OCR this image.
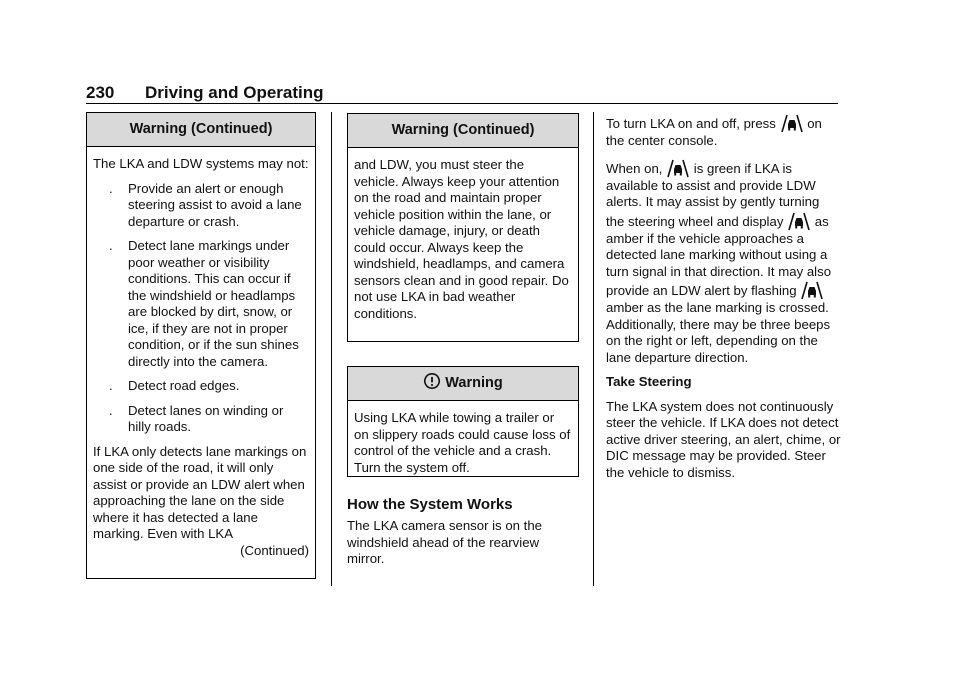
230 Driving and Operating
Warning (Continued)

The LKA and LDW systems may not:

. Provide an alert or enough steering assist to avoid a lane departure or crash.
. Detect lane markings under poor weather or visibility conditions. This can occur if the windshield or headlamps are blocked by dirt, snow, or ice, if they are not in proper condition, or if the sun shines directly into the camera.
. Detect road edges.
. Detect lanes on winding or hilly roads.

If LKA only detects lane markings on one side of the road, it will only assist or provide an LDW alert when approaching the lane on the side where it has detected a lane marking. Even with LKA

(Continued)
Warning (Continued)

and LDW, you must steer the vehicle. Always keep your attention on the road and maintain proper vehicle position within the lane, or vehicle damage, injury, or death could occur. Always keep the windshield, headlamps, and camera sensors clean and in good repair. Do not use LKA in bad weather conditions.

Warning

Using LKA while towing a trailer or on slippery roads could cause loss of control of the vehicle and a crash. Turn the system off.

How the System Works

The LKA camera sensor is on the windshield ahead of the rearview mirror.

To turn LKA on and off, press on the center console.

When on, is green if LKA is available to assist and provide LDW alerts. It may assist by gently turning the steering wheel and display as amber if the vehicle approaches a detected lane marking without using a turn signal in that direction. It may also provide an LDW alert by flashing  amber as the lane marking is crossed. Additionally, there may be three beeps on the right or left, depending on the lane departure direction.

Take Steering

The LKA system does not continuously steer the vehicle. If LKA does not detect active driver steering, an alert, chime, or DIC message may be provided. Steer the vehicle to dismiss.
